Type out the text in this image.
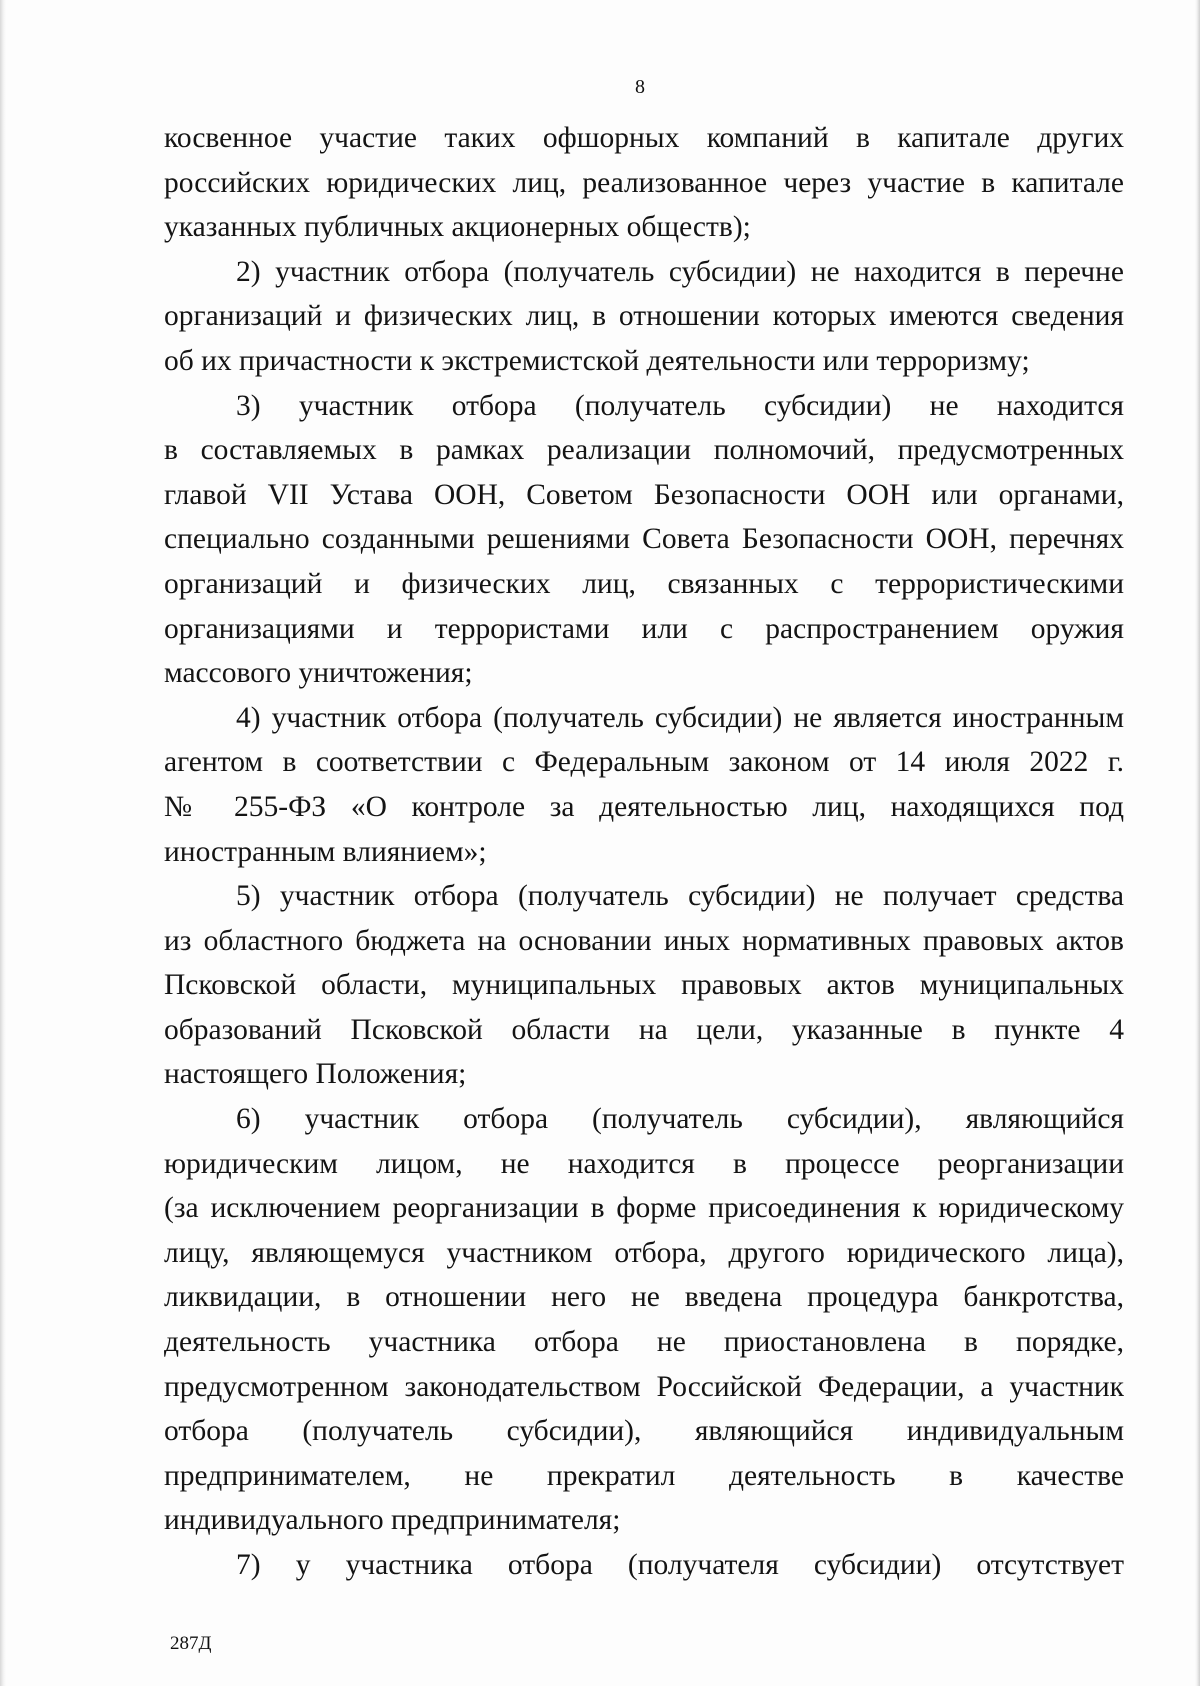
8
косвенное участие таких офшорных компаний в капитале других
российских юридических лиц, реализованное через участие в капитале
указанных публичных акционерных обществ);
2) участник отбора (получатель субсидии) не находится в перечне
организаций и физических лиц, в отношении которых имеются сведения
об их причастности к экстремистской деятельности или терроризму;
3) участник отбора (получатель субсидии) не находится
в составляемых в рамках реализации полномочий, предусмотренных
главой VII Устава ООН, Советом Безопасности ООН или органами,
специально созданными решениями Совета Безопасности ООН, перечнях
организаций и физических лиц, связанных с террористическими
организациями и террористами или с распространением оружия
массового уничтожения;
4) участник отбора (получатель субсидии) не является иностранным
агентом в соответствии с Федеральным законом от 14 июля 2022 г.
№ 255-ФЗ «О контроле за деятельностью лиц, находящихся под
иностранным влиянием»;
5) участник отбора (получатель субсидии) не получает средства
из областного бюджета на основании иных нормативных правовых актов
Псковской области, муниципальных правовых актов муниципальных
образований Псковской области на цели, указанные в пункте 4
настоящего Положения;
6) участник отбора (получатель субсидии), являющийся
юридическим лицом, не находится в процессе реорганизации
(за исключением реорганизации в форме присоединения к юридическому
лицу, являющемуся участником отбора, другого юридического лица),
ликвидации, в отношении него не введена процедура банкротства,
деятельность участника отбора не приостановлена в порядке,
предусмотренном законодательством Российской Федерации, а участник
отбора (получатель субсидии), являющийся индивидуальным
предпринимателем, не прекратил деятельность в качестве
индивидуального предпринимателя;
7) у участника отбора (получателя субсидии) отсутствует
287Д
